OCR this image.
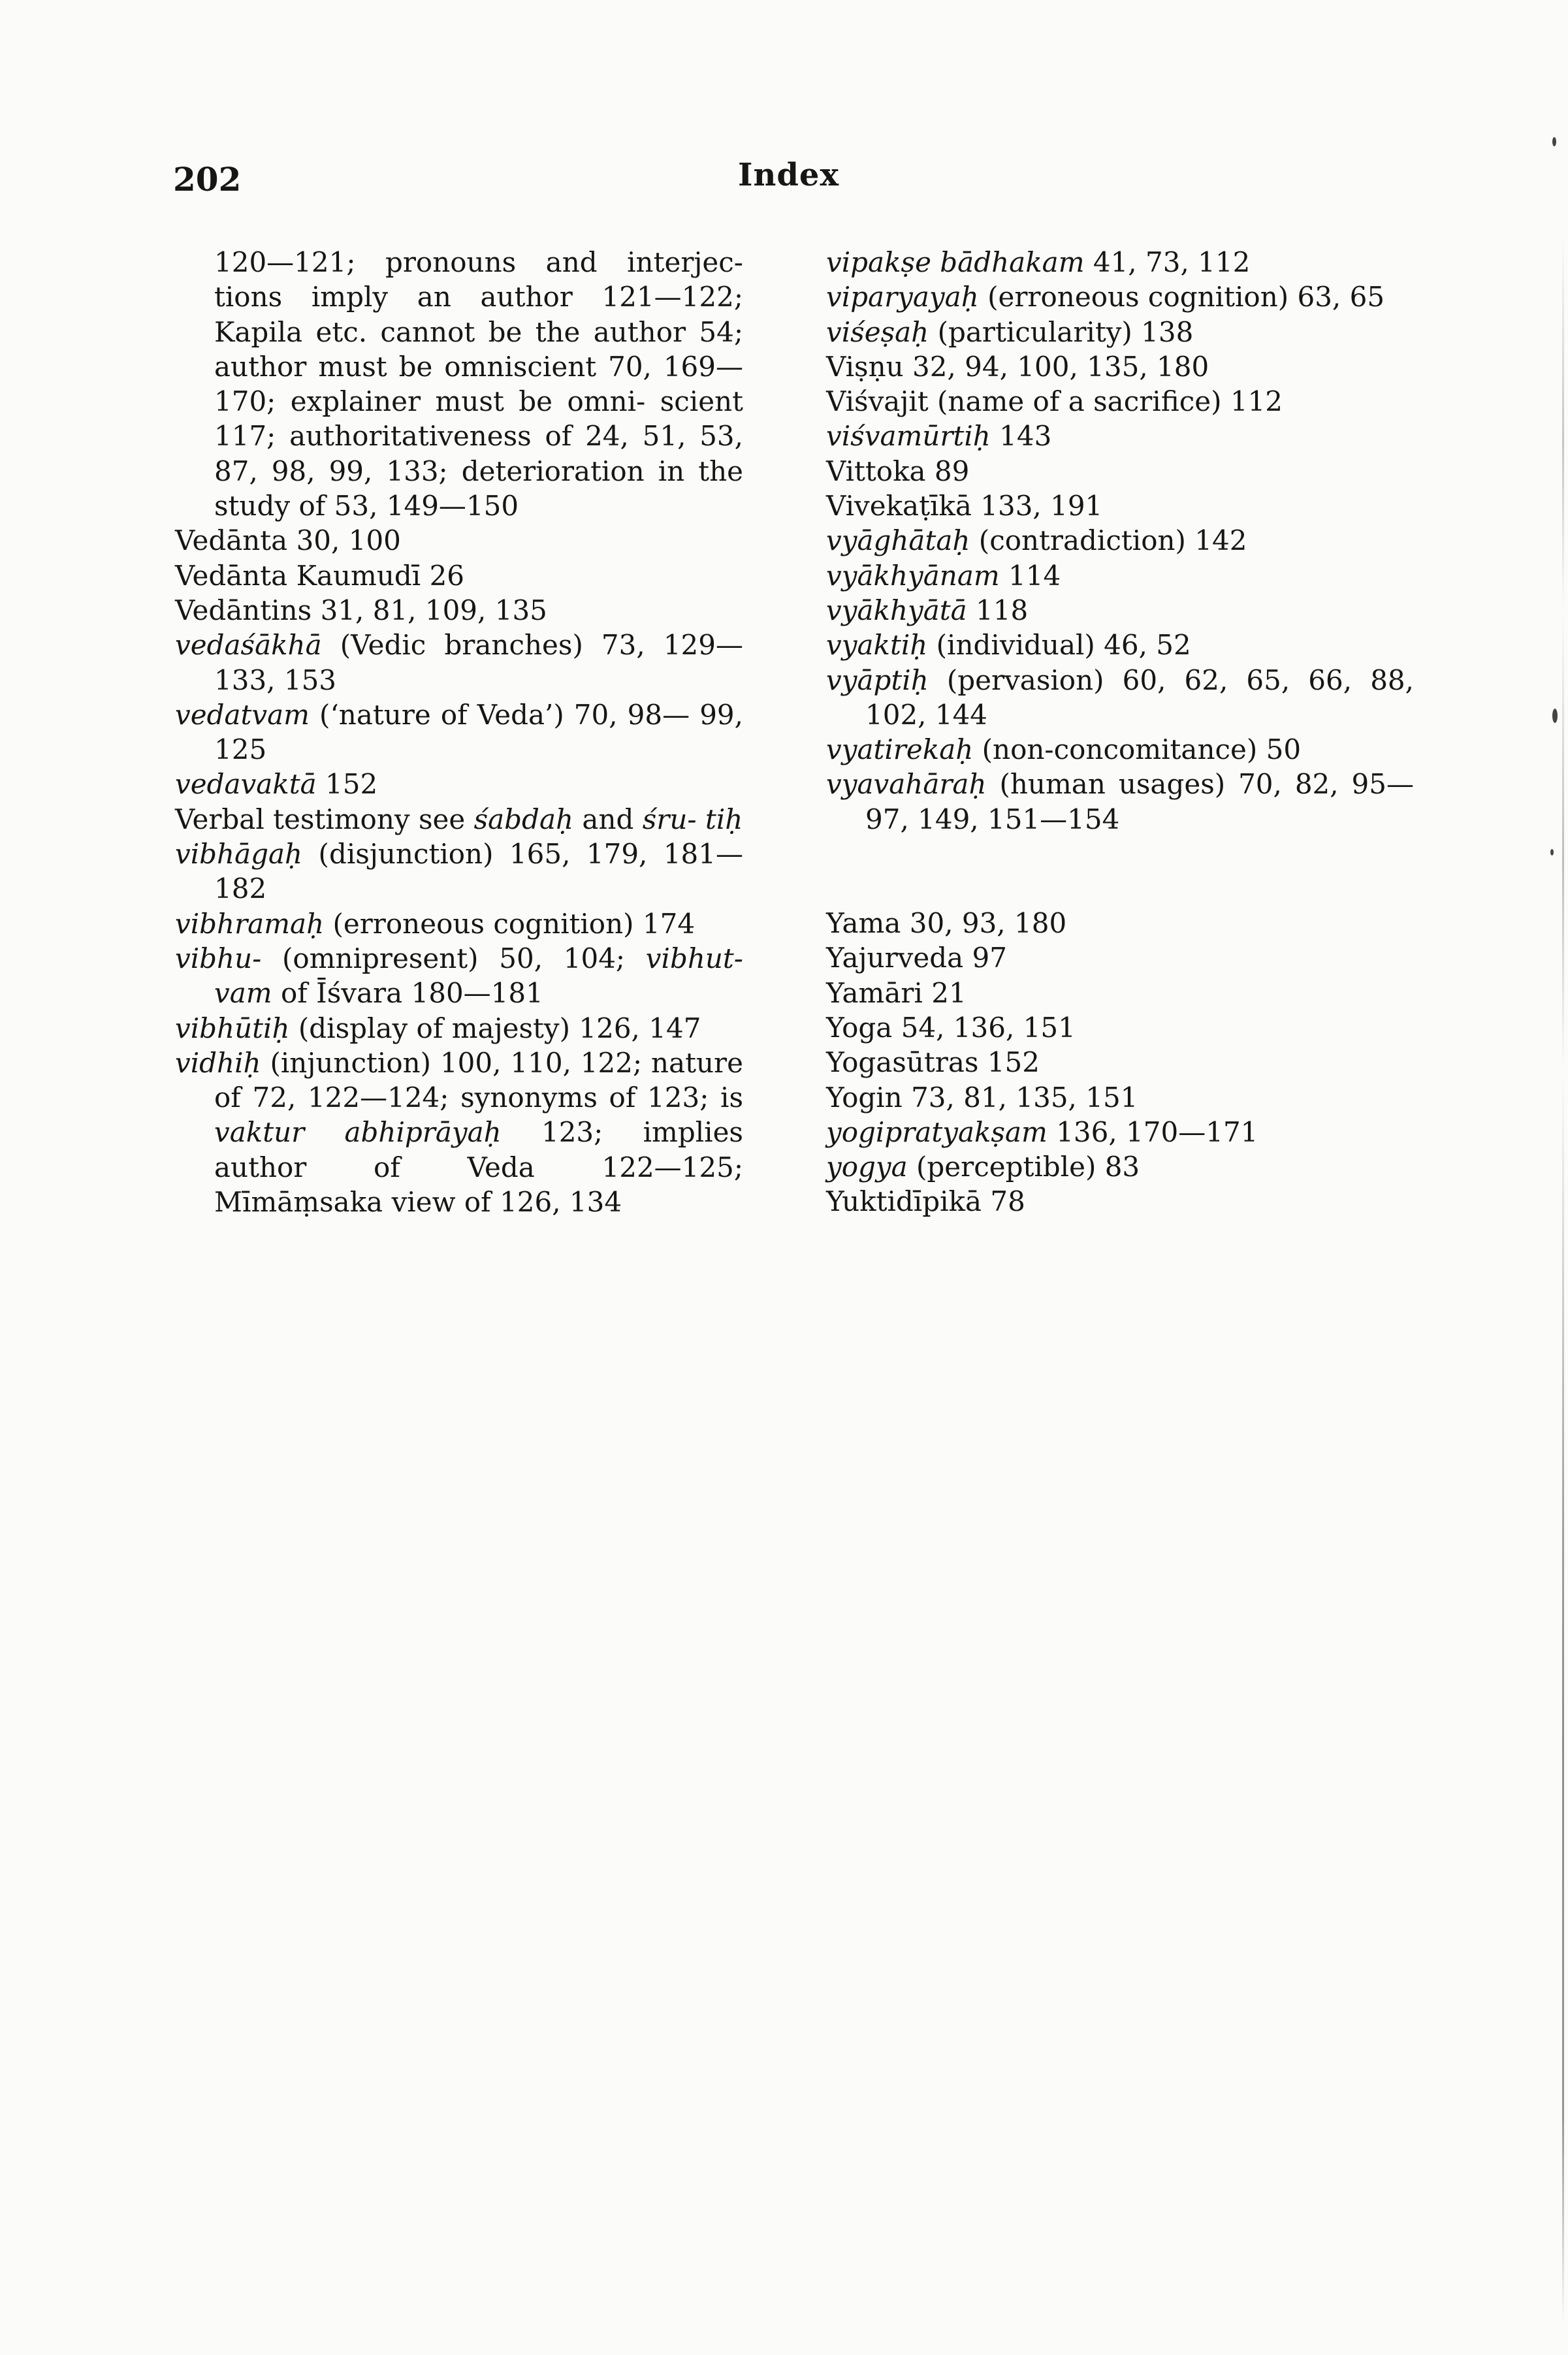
202	Index

120—121; pronouns and interjec- tions imply an author 121—122; Kapila etc. cannot be the author 54; author must be omniscient 70, 169—170; explainer must be omni- scient 117; authoritativeness of 24, 51, 53, 87, 98, 99, 133; deterioration in the study of 53, 149—150

Vedānta 30, 100

Vedānta Kaumudī 26

Vedāntins 31, 81, 109, 135

vedaśākhā (Vedic branches) 73, 129— 133, 153

vedatvam (‘nature of Veda’) 70, 98— 99, 125

vedavaktā 152

Verbal testimony see śabdaḥ and śru- tiḥ

vibhāgaḥ (disjunction) 165, 179, 181— 182

vibhramaḥ (erroneous cognition) 174

vibhu- (omnipresent) 50, 104; vibhut- vam of Īśvara 180—181

vibhūtiḥ (display of majesty) 126, 147

vidhiḥ (injunction) 100, 110, 122; nature of 72, 122—124; synonyms of 123; is vaktur abhiprāyaḥ 123; implies author of Veda 122—125; Mīmāṃsaka view of 126, 134

vipakṣe bādhakam 41, 73, 112

viparyayaḥ (erroneous cognition) 63, 65

viśeṣaḥ (particularity) 138

Viṣṇu 32, 94, 100, 135, 180

Viśvajit (name of a sacrifice) 112

viśvamūrtiḥ 143

Vittoka 89

Vivekaṭīkā 133, 191

vyāghātaḥ (contradiction) 142

vyākhyānam 114

vyākhyātā 118

vyaktiḥ (individual) 46, 52

vyāptiḥ (pervasion) 60, 62, 65, 66, 88, 102, 144

vyatirekaḥ (non-concomitance) 50

vyavahāraḥ (human usages) 70, 82, 95—97, 149, 151—154

Yama 30, 93, 180

Yajurveda 97

Yamāri 21

Yoga 54, 136, 151

Yogasūtras 152

Yogin 73, 81, 135, 151

yogipratyakṣam 136, 170—171

yogya (perceptible) 83

Yuktidīpikā 78
